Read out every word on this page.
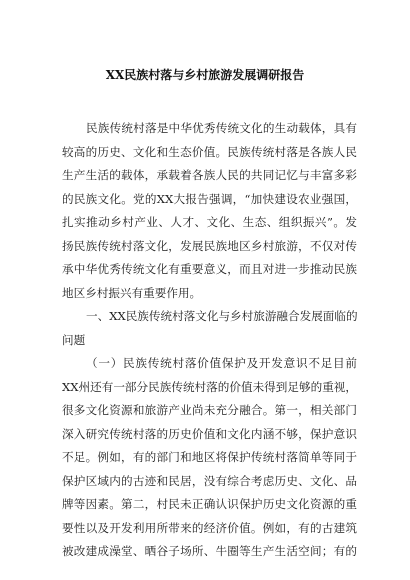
XX民族村落与乡村旅游发展调研报告
民族传统村落是中华优秀传统文化的生动载体，具有
较高的历史、文化和生态价值。民族传统村落是各族人民
生产生活的载体，承载着各族人民的共同记忆与丰富多彩
的民族文化。党的XX大报告强调，“加快建设农业强国，
扎实推动乡村产业、人才、文化、生态、组织振兴”。发
扬民族传统村落文化，发展民族地区乡村旅游，不仅对传
承中华优秀传统文化有重要意义，而且对进一步推动民族
地区乡村振兴有重要作用。
一、XX民族传统村落文化与乡村旅游融合发展面临的
问题
（一）民族传统村落价值保护及开发意识不足目前
XX州还有一部分民族传统村落的价值未得到足够的重视，
很多文化资源和旅游产业尚未充分融合。第一，相关部门
深入研究传统村落的历史价值和文化内涵不够，保护意识
不足。例如，有的部门和地区将保护传统村落简单等同于
保护区域内的古迹和民居，没有综合考虑历史、文化、品
牌等因素。第二，村民未正确认识保护历史文化资源的重
要性以及开发利用所带来的经济价值。例如，有的古建筑
被改建成澡堂、晒谷子场所、牛圈等生产生活空间；有的
